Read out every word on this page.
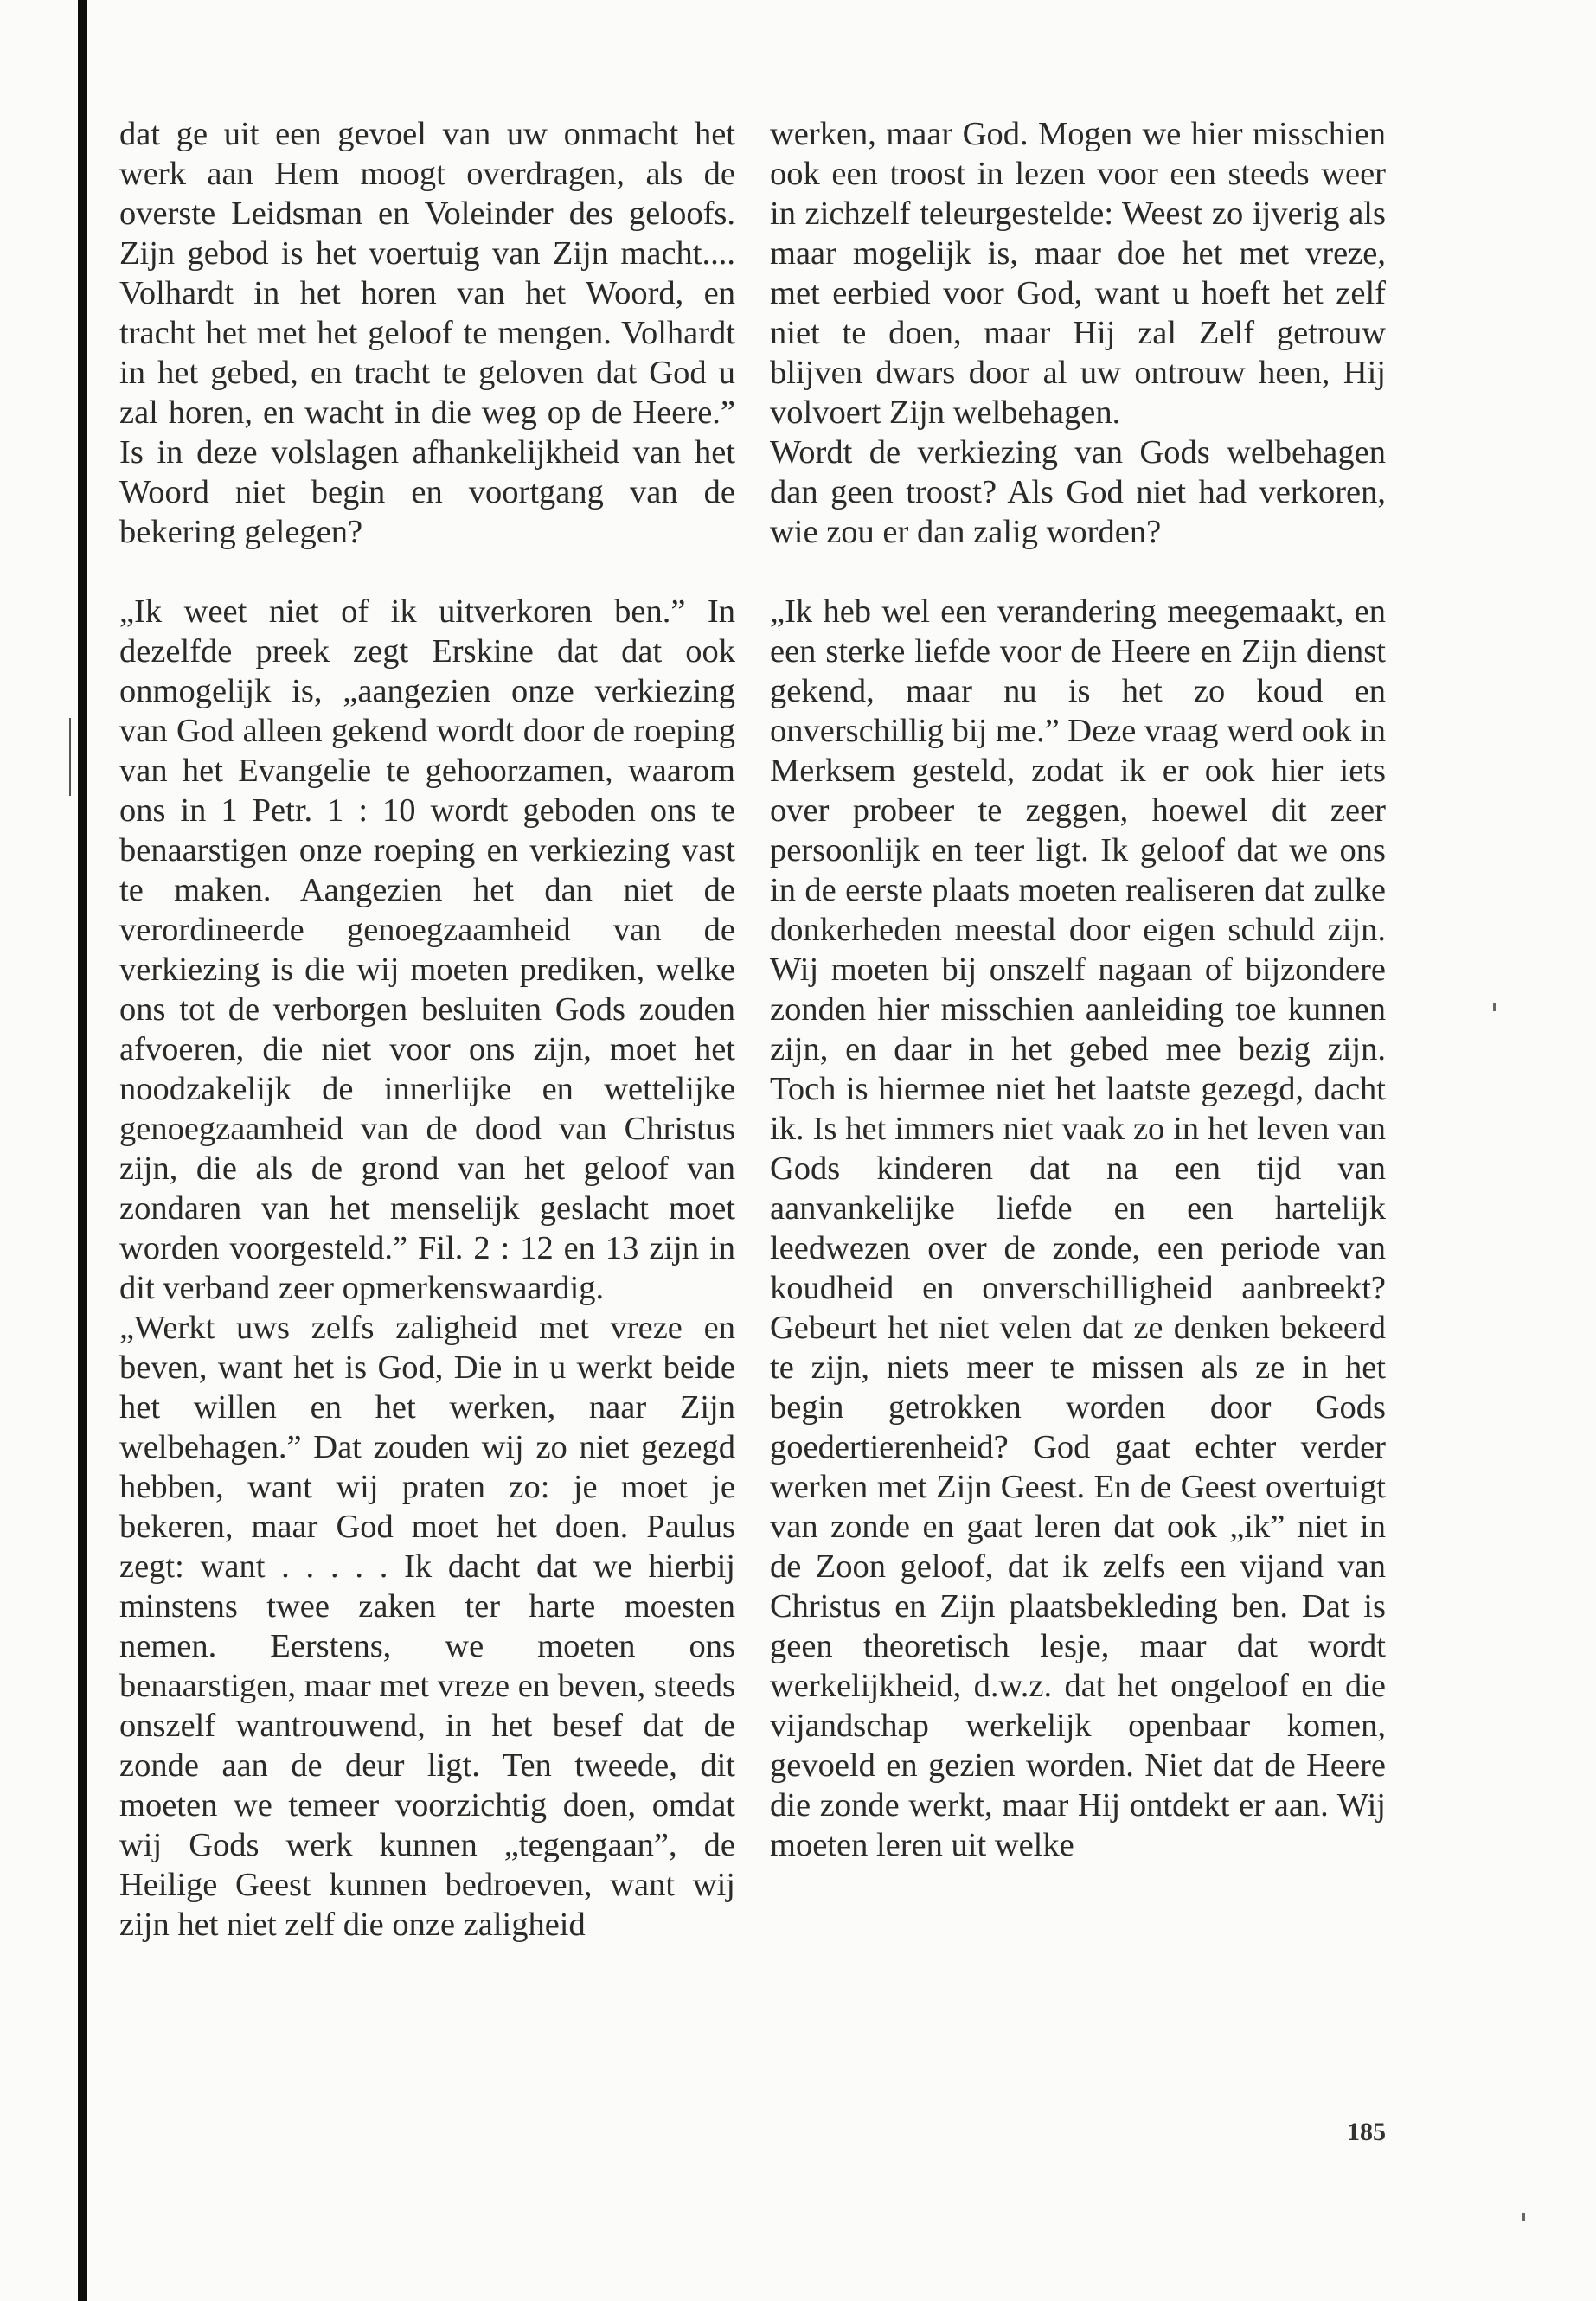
dat ge uit een gevoel van uw onmacht het werk aan Hem moogt overdragen, als de overste Leidsman en Voleinder des geloofs. Zijn gebod is het voertuig van Zijn macht.... Volhardt in het horen van het Woord, en tracht het met het geloof te mengen. Volhardt in het gebed, en tracht te geloven dat God u zal horen, en wacht in die weg op de Heere.” Is in deze volslagen afhankelijkheid van het Woord niet begin en voortgang van de bekering gelegen?

„Ik weet niet of ik uitverkoren ben.” In dezelfde preek zegt Erskine dat dat ook onmogelijk is, „aangezien onze verkiezing van God alleen gekend wordt door de roeping van het Evangelie te gehoorzamen, waarom ons in 1 Petr. 1 : 10 wordt geboden ons te benaarstigen onze roeping en verkiezing vast te maken. Aangezien het dan niet de verordineerde genoegzaamheid van de verkiezing is die wij moeten prediken, welke ons tot de verborgen besluiten Gods zouden afvoeren, die niet voor ons zijn, moet het noodzakelijk de innerlijke en wettelijke genoegzaamheid van de dood van Christus zijn, die als de grond van het geloof van zondaren van het menselijk geslacht moet worden voorgesteld.” Fil. 2 : 12 en 13 zijn in dit verband zeer opmerkenswaardig.

„Werkt uws zelfs zaligheid met vreze en beven, want het is God, Die in u werkt beide het willen en het werken, naar Zijn welbehagen.” Dat zouden wij zo niet gezegd hebben, want wij praten zo: je moet je bekeren, maar God moet het doen. Paulus zegt: want . . . . . Ik dacht dat we hierbij minstens twee zaken ter harte moesten nemen. Eerstens, we moeten ons benaarstigen, maar met vreze en beven, steeds onszelf wantrouwend, in het besef dat de zonde aan de deur ligt. Ten tweede, dit moeten we temeer voorzichtig doen, omdat wij Gods werk kunnen „tegengaan”, de Heilige Geest kunnen bedroeven, want wij zijn het niet zelf die onze zaligheid

werken, maar God. Mogen we hier misschien ook een troost in lezen voor een steeds weer in zichzelf teleurgestelde: Weest zo ijverig als maar mogelijk is, maar doe het met vreze, met eerbied voor God, want u hoeft het zelf niet te doen, maar Hij zal Zelf getrouw blijven dwars door al uw ontrouw heen, Hij volvoert Zijn welbehagen.

Wordt de verkiezing van Gods welbehagen dan geen troost? Als God niet had verkoren, wie zou er dan zalig worden?

„Ik heb wel een verandering meegemaakt, en een sterke liefde voor de Heere en Zijn dienst gekend, maar nu is het zo koud en onverschillig bij me.” Deze vraag werd ook in Merksem gesteld, zodat ik er ook hier iets over probeer te zeggen, hoewel dit zeer persoonlijk en teer ligt. Ik geloof dat we ons in de eerste plaats moeten realiseren dat zulke donkerheden meestal door eigen schuld zijn. Wij moeten bij onszelf nagaan of bijzondere zonden hier misschien aanleiding toe kunnen zijn, en daar in het gebed mee bezig zijn. Toch is hiermee niet het laatste gezegd, dacht ik. Is het immers niet vaak zo in het leven van Gods kinderen dat na een tijd van aanvankelijke liefde en een hartelijk leedwezen over de zonde, een periode van koudheid en onverschilligheid aanbreekt? Gebeurt het niet velen dat ze denken bekeerd te zijn, niets meer te missen als ze in het begin getrokken worden door Gods goedertierenheid? God gaat echter verder werken met Zijn Geest. En de Geest overtuigt van zonde en gaat leren dat ook „ik” niet in de Zoon geloof, dat ik zelfs een vijand van Christus en Zijn plaatsbekleding ben. Dat is geen theoretisch lesje, maar dat wordt werkelijkheid, d.w.z. dat het ongeloof en die vijandschap werkelijk openbaar komen, gevoeld en gezien worden. Niet dat de Heere die zonde werkt, maar Hij ontdekt er aan. Wij moeten leren uit welke

185
